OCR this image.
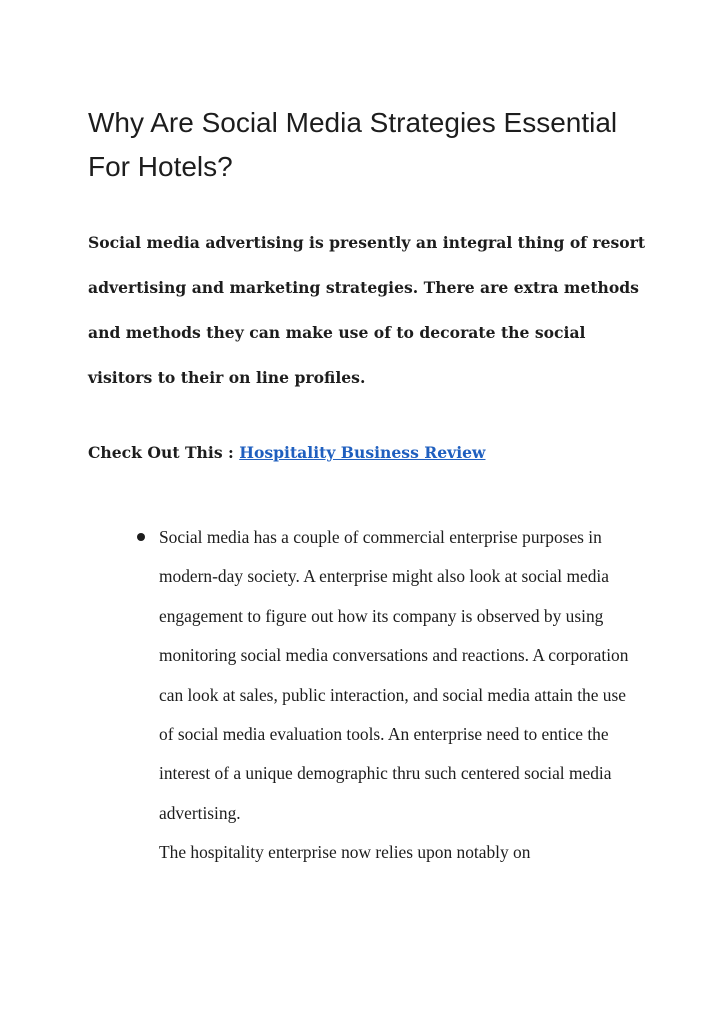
Why Are Social Media Strategies Essential For Hotels?

Social media advertising is presently an integral thing of resort advertising and marketing strategies. There are extra methods and methods they can make use of to decorate the social visitors to their on line profiles.

Check Out This : Hospitality Business Review

Social media has a couple of commercial enterprise purposes in modern-day society. A enterprise might also look at social media engagement to figure out how its company is observed by using monitoring social media conversations and reactions. A corporation can look at sales, public interaction, and social media attain the use of social media evaluation tools. An enterprise need to entice the interest of a unique demographic thru such centered social media advertising.
The hospitality enterprise now relies upon notably on
